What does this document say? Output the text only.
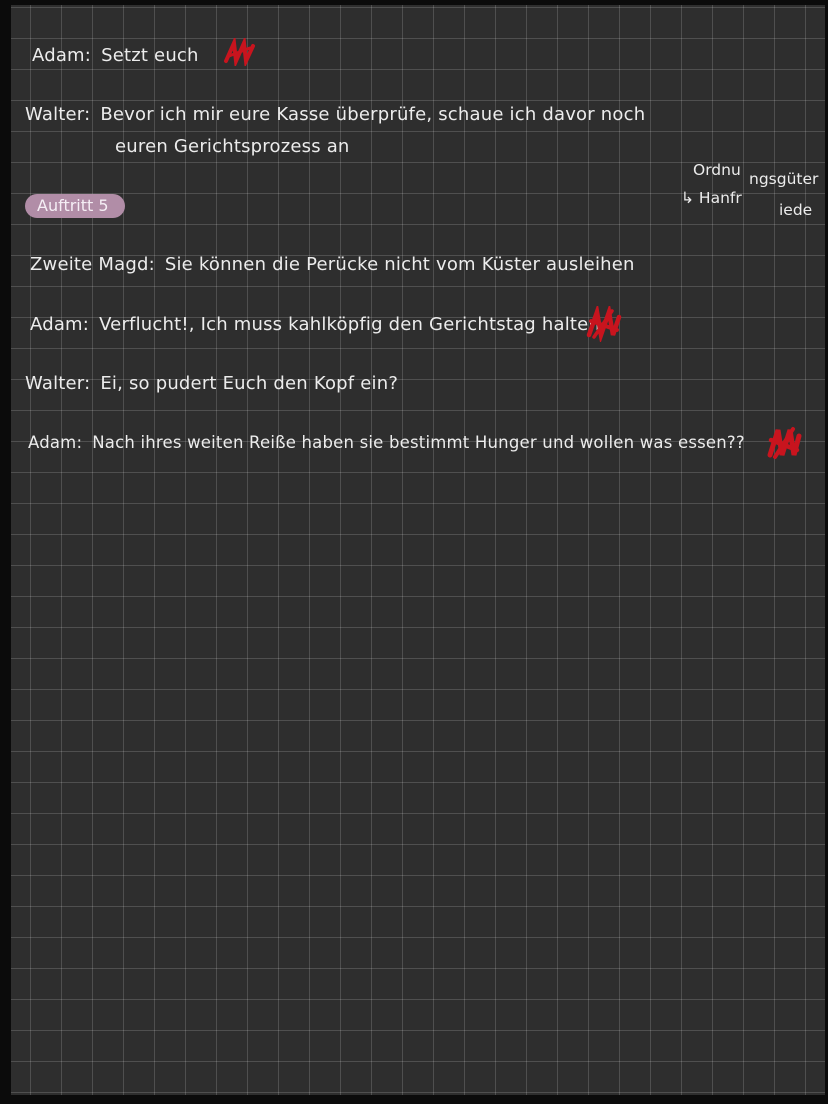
Adam: Setzt euch
Walter: Bevor ich mir eure Kasse überprüfe, schaue ich davor noch
euren Gerichtsprozess an
Ordnu ngsgüter
↳ Hanfr
iede
Auftritt 5
Zweite Magd: Sie können die Perücke nicht vom Küster ausleihen
Adam: Verflucht!, Ich muss kahlköpfig den Gerichtstag halten
Walter: Ei, so pudert Euch den Kopf ein?
Adam: Nach ihres weiten Reiße haben sie bestimmt Hunger und wollen was essen??
